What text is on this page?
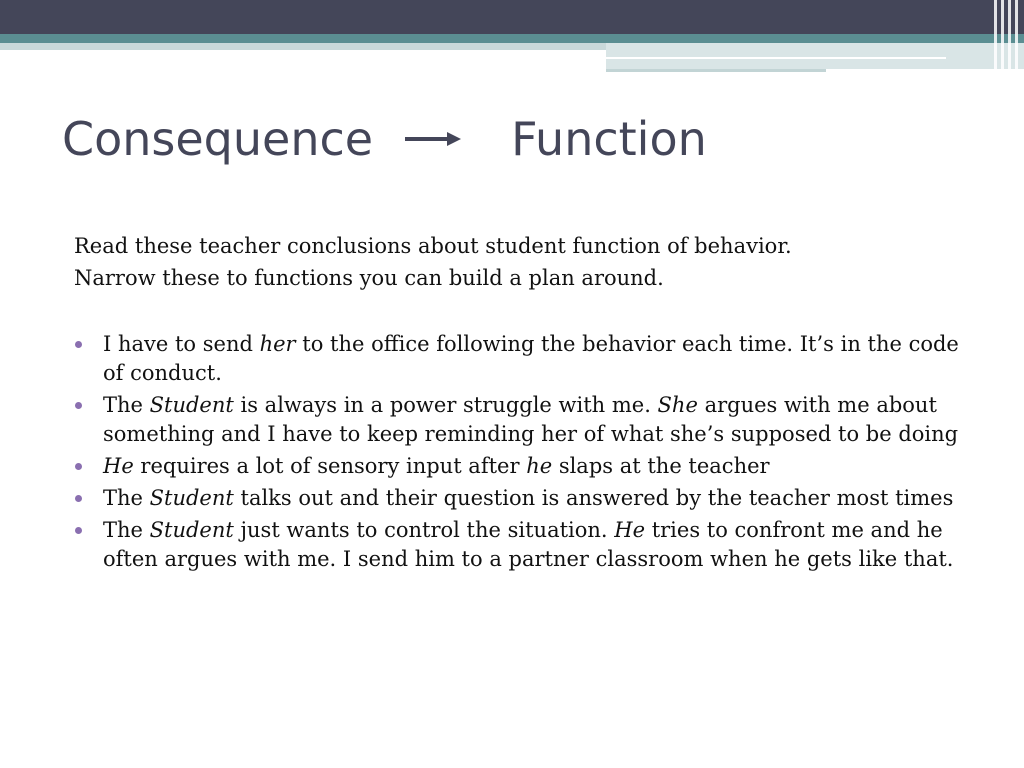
Consequence	Function

Read these teacher conclusions about student function of behavior.

Narrow these to functions you can build a plan around.

I have to send her to the office following the behavior each time. It’s in the code of conduct.
The Student is always in a power struggle with me. She argues with me about something and I have to keep reminding her of what she’s supposed to be doing
He requires a lot of sensory input after he slaps at the teacher
The Student talks out and their question is answered by the teacher most times
The Student just wants to control the situation. He tries to confront me and he often argues with me. I send him to a partner classroom when he gets like that.
